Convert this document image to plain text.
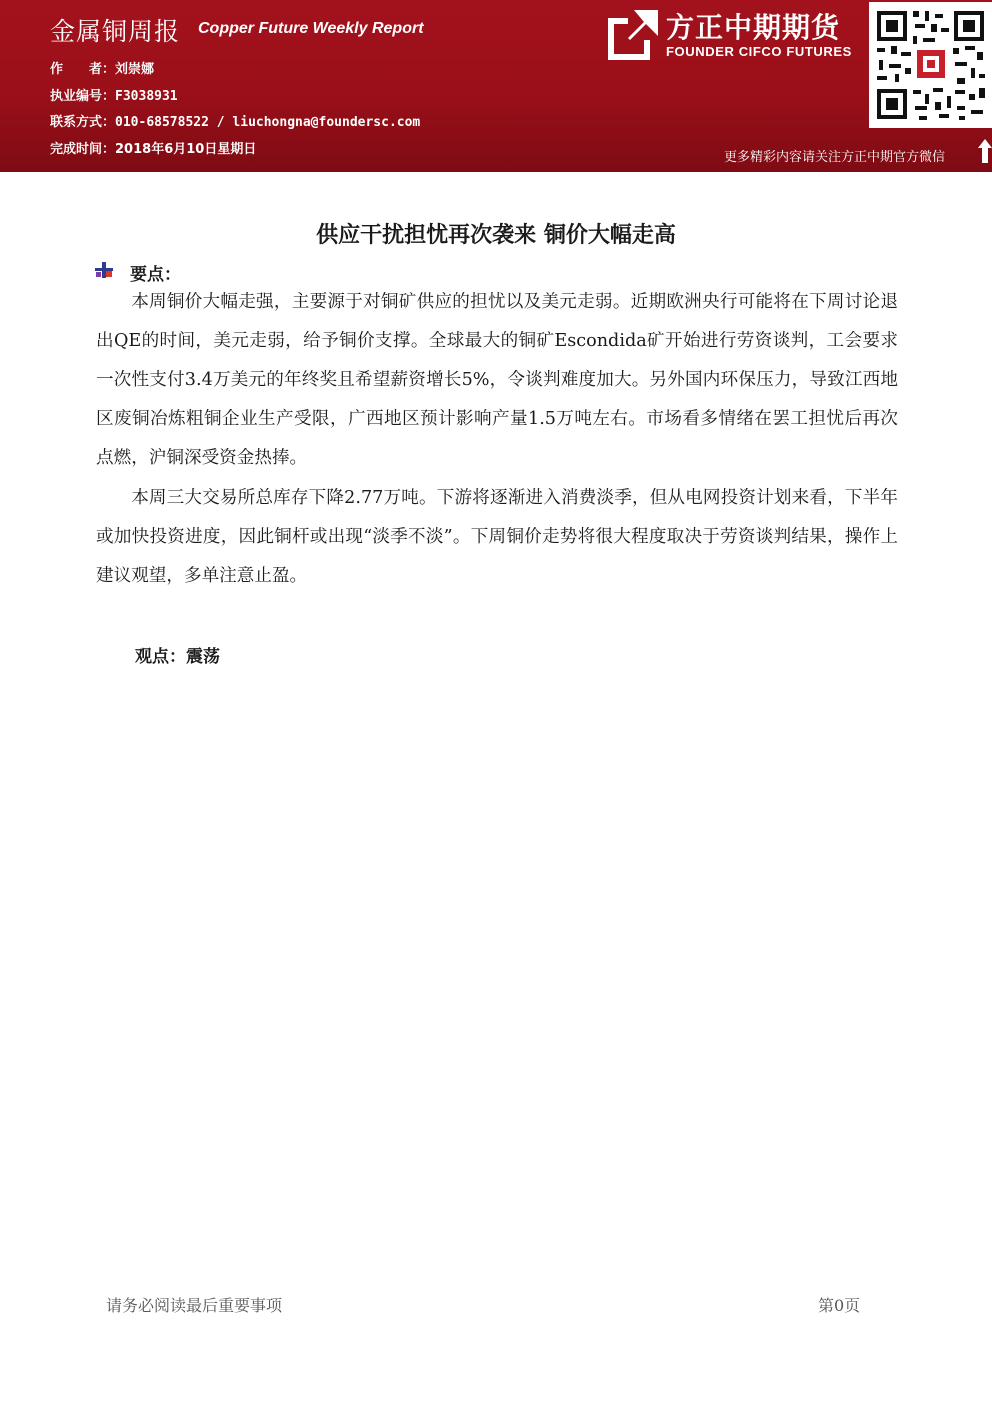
金属铜周报 Copper Future Weekly Report
作　　者：刘崇娜
执业编号：F3038931
联系方式：010-68578522 / liuchongna@foundersc.com
完成时间：2018年6月10日星期日
方正中期期货
FOUNDER CIFCO FUTURES
更多精彩内容请关注方正中期官方微信
供应干扰担忧再次袭来 铜价大幅走高
要点：

本周铜价大幅走强，主要源于对铜矿供应的担忧以及美元走弱。近期欧洲央行可能将在下周讨论退出QE的时间，美元走弱，给予铜价支撑。全球最大的铜矿Escondida矿开始进行劳资谈判，工会要求一次性支付3.4万美元的年终奖且希望薪资增长5%，令谈判难度加大。另外国内环保压力，导致江西地区废铜冶炼粗铜企业生产受限，广西地区预计影响产量1.5万吨左右。市场看多情绪在罢工担忧后再次点燃，沪铜深受资金热捧。

本周三大交易所总库存下降2.77万吨。下游将逐渐进入消费淡季，但从电网投资计划来看，下半年或加快投资进度，因此铜杆或出现“淡季不淡”。下周铜价走势将很大程度取决于劳资谈判结果，操作上建议观望，多单注意止盈。

观点：震荡
请务必阅读最后重要事项	第0页
